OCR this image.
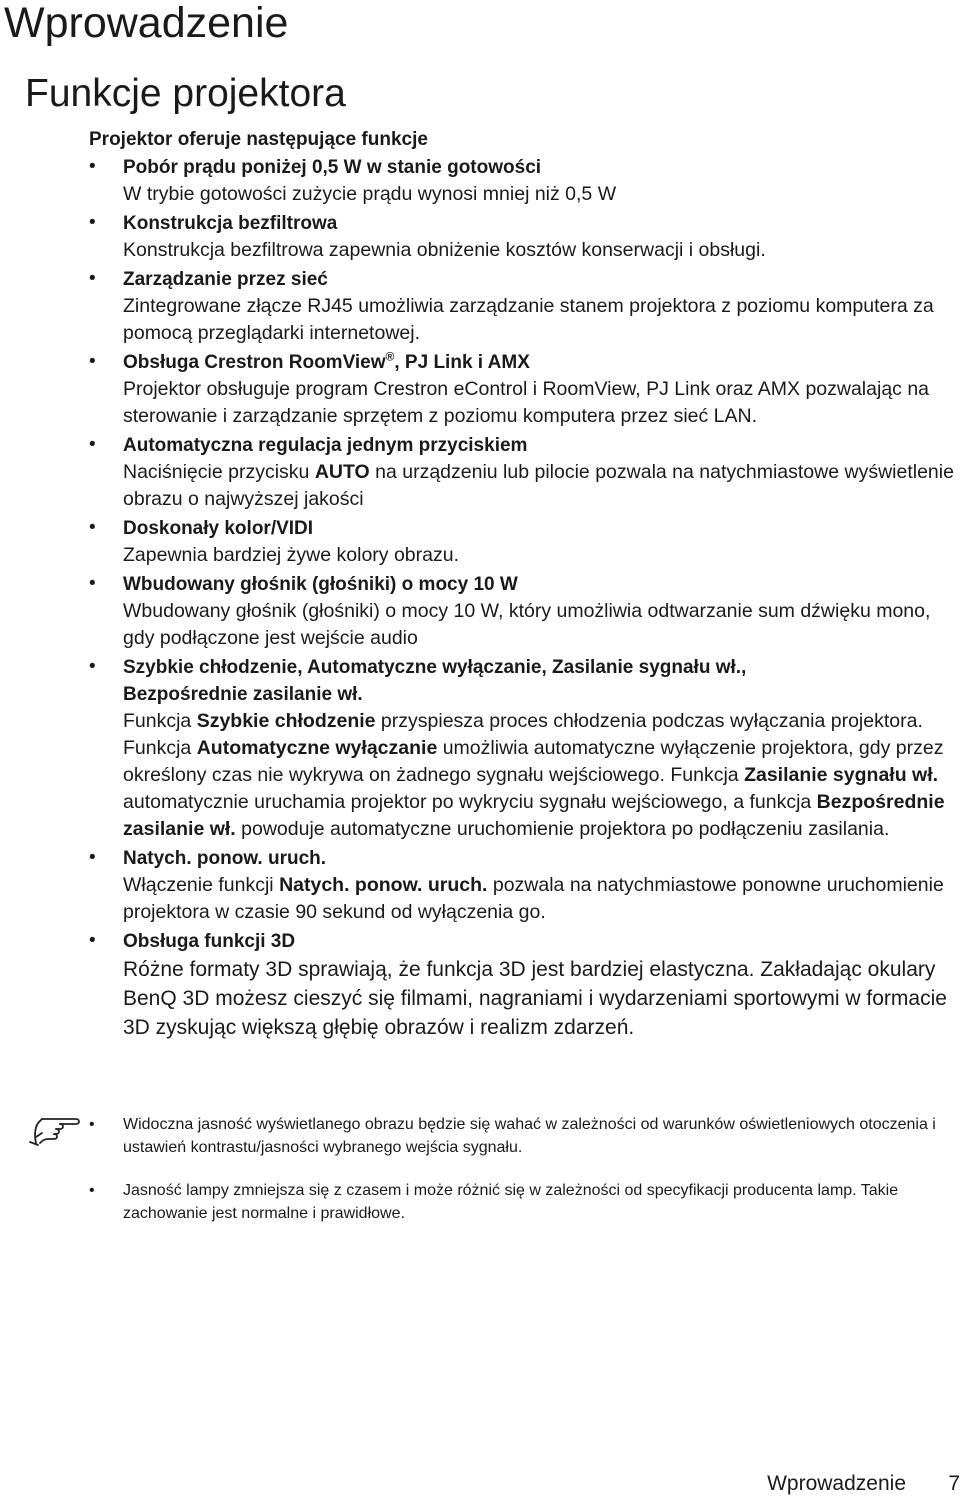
Wprowadzenie
Funkcje projektora

Projektor oferuje następujące funkcje

• Pobór prądu poniżej 0,5 W w stanie gotowości
W trybie gotowości zużycie prądu wynosi mniej niż 0,5 W
• Konstrukcja bezfiltrowa
Konstrukcja bezfiltrowa zapewnia obniżenie kosztów konserwacji i obsługi.
• Zarządzanie przez sieć
Zintegrowane złącze RJ45 umożliwia zarządzanie stanem projektora z poziomu komputera za pomocą przeglądarki internetowej.
• Obsługa Crestron RoomView®, PJ Link i AMX
Projektor obsługuje program Crestron eControl i RoomView, PJ Link oraz AMX pozwalając na sterowanie i zarządzanie sprzętem z poziomu komputera przez sieć LAN.
• Automatyczna regulacja jednym przyciskiem
Naciśnięcie przycisku AUTO na urządzeniu lub pilocie pozwala na natychmiastowe wyświetlenie obrazu o najwyższej jakości
• Doskonały kolor/VIDI
Zapewnia bardziej żywe kolory obrazu.
• Wbudowany głośnik (głośniki) o mocy 10 W
Wbudowany głośnik (głośniki) o mocy 10 W, który umożliwia odtwarzanie sum dźwięku mono, gdy podłączone jest wejście audio
• Szybkie chłodzenie, Automatyczne wyłączanie, Zasilanie sygnału wł.,
Bezpośrednie zasilanie wł.
Funkcja Szybkie chłodzenie przyspiesza proces chłodzenia podczas wyłączania projektora. Funkcja Automatyczne wyłączanie umożliwia automatyczne wyłączenie projektora, gdy przez określony czas nie wykrywa on żadnego sygnału wejściowego. Funkcja Zasilanie sygnału wł. automatycznie uruchamia projektor po wykryciu sygnału wejściowego, a funkcja Bezpośrednie zasilanie wł. powoduje automatyczne uruchomienie projektora po podłączeniu zasilania.
• Natych. ponow. uruch.
Włączenie funkcji Natych. ponow. uruch. pozwala na natychmiastowe ponowne uruchomienie projektora w czasie 90 sekund od wyłączenia go.
• Obsługa funkcji 3D
Różne formaty 3D sprawiają, że funkcja 3D jest bardziej elastyczna. Zakładając okulary BenQ 3D możesz cieszyć się filmami, nagraniami i wydarzeniami sportowymi w formacie 3D zyskując większą głębię obrazów i realizm zdarzeń.
• Widoczna jasność wyświetlanego obrazu będzie się wahać w zależności od warunków oświetleniowych otoczenia i ustawień kontrastu/jasności wybranego wejścia sygnału.
• Jasność lampy zmniejsza się z czasem i może różnić się w zależności od specyfikacji producenta lamp. Takie zachowanie jest normalne i prawidłowe.
Wprowadzenie 7
